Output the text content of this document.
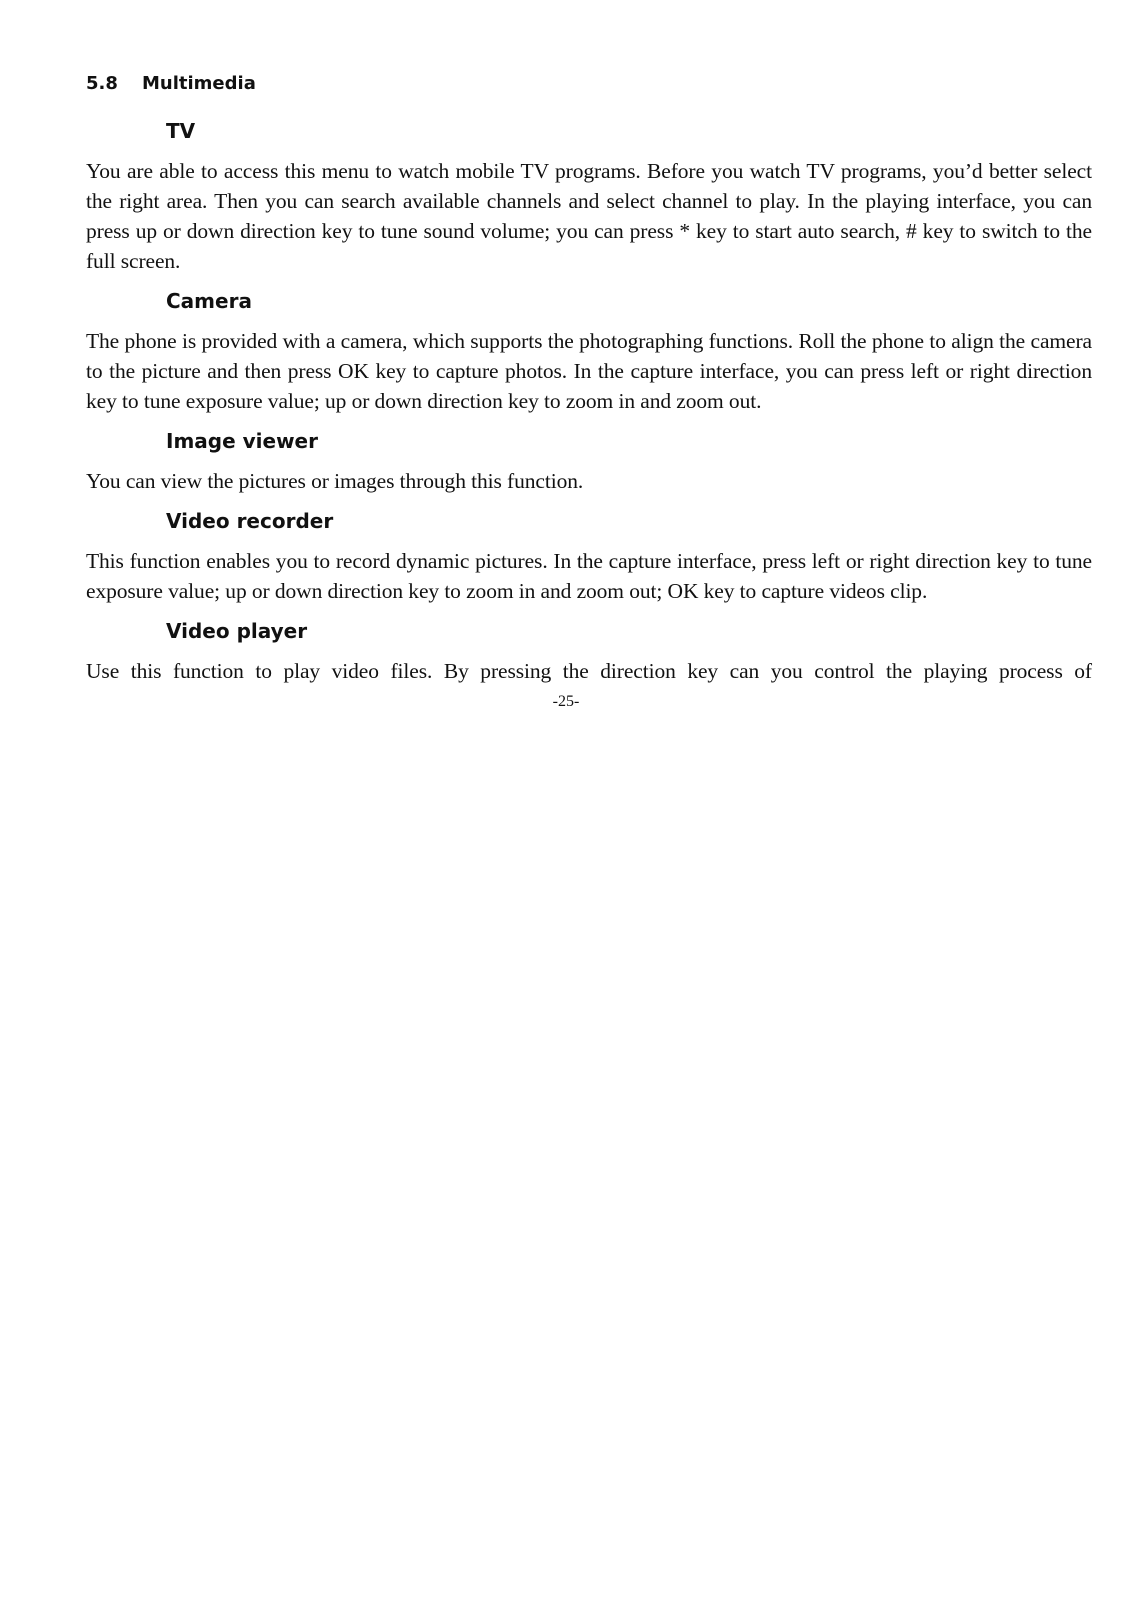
5.8 Multimedia
TV

You are able to access this menu to watch mobile TV programs. Before you watch TV programs, you’d better select the right area. Then you can search available channels and select channel to play. In the playing interface, you can press up or down direction key to tune sound volume; you can press * key to start auto search, # key to switch to the full screen.

Camera

The phone is provided with a camera, which supports the photographing functions. Roll the phone to align the camera to the picture and then press OK key to capture photos. In the capture interface, you can press left or right direction key to tune exposure value; up or down direction key to zoom in and zoom out.

Image viewer

You can view the pictures or images through this function.

Video recorder

This function enables you to record dynamic pictures. In the capture interface, press left or right direction key to tune exposure value; up or down direction key to zoom in and zoom out; OK key to capture videos clip.

Video player

Use this function to play video files. By pressing the direction key can you control the playing process of

-25-
